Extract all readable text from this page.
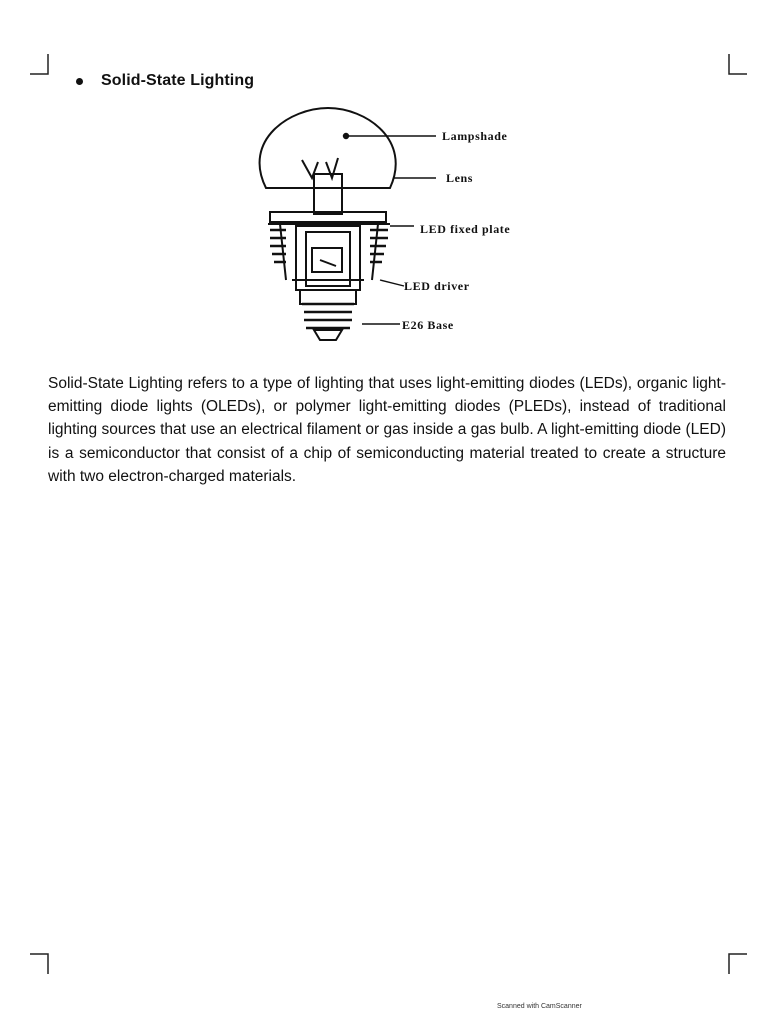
Solid-State Lighting
Lampshade
Lens
LED fixed plate
LED driver
E26 Base

Solid-State Lighting refers to a type of lighting that uses light-emitting diodes (LEDs), organic light-emitting diode lights (OLEDs), or polymer light-emitting diodes (PLEDs), instead of traditional lighting sources that use an electrical filament or gas inside a gas bulb. A light-emitting diode (LED) is a semiconductor that consist of a chip of semiconducting material treated to create a structure with two electron-charged materials.

Scanned with CamScanner
